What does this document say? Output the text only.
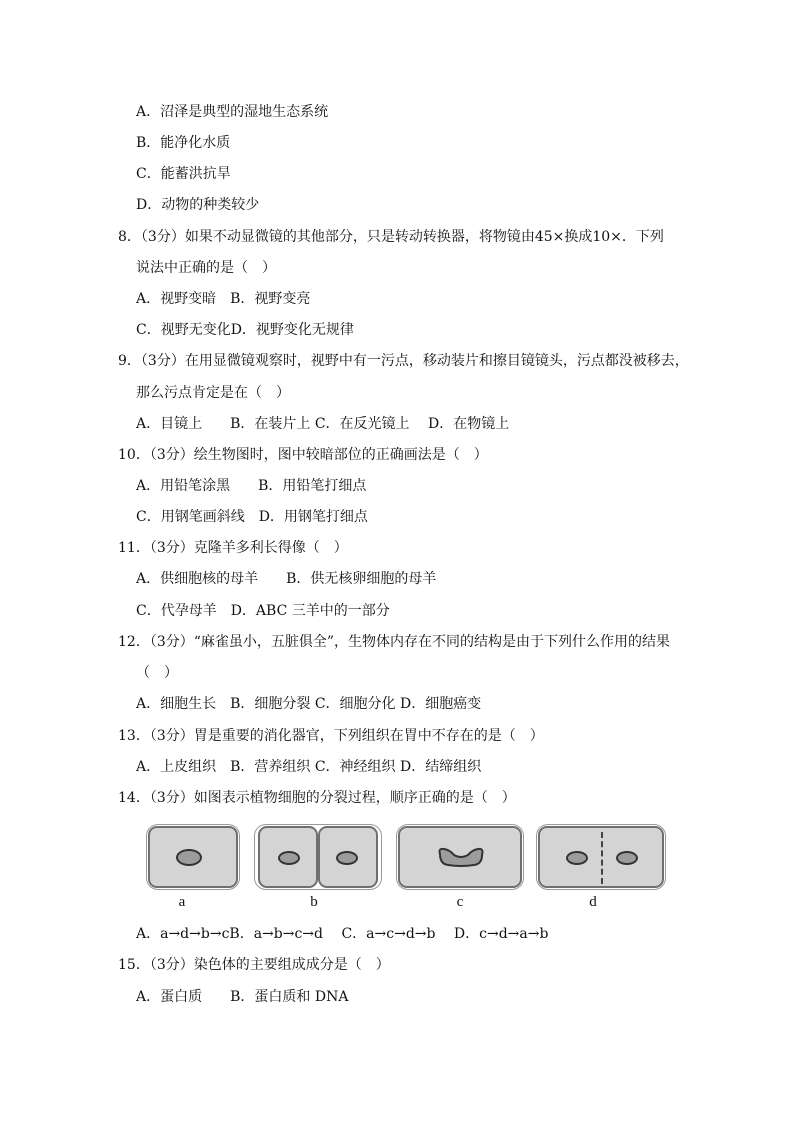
A．沼泽是典型的湿地生态系统
B．能净化水质
C．能蓄洪抗旱
D．动物的种类较少
8．（3分）如果不动显微镜的其他部分，只是转动转换器，将物镜由45×换成10×．下列
说法中正确的是（　）
A．视野变暗　B．视野变亮
C．视野无变化D．视野变化无规律
9．（3分）在用显微镜观察时，视野中有一污点，移动装片和擦目镜镜头，污点都没被移去，
那么污点肯定是在（　）
A．目镜上　　B．在装片上 C．在反光镜上　 D．在物镜上
10．（3分）绘生物图时，图中较暗部位的正确画法是（　）
A．用铅笔涂黑　　B．用铅笔打细点
C．用钢笔画斜线　D．用钢笔打细点
11．（3分）克隆羊多利长得像（　）
A．供细胞核的母羊　　B．供无核卵细胞的母羊
C．代孕母羊　D．ABC 三羊中的一部分
12．（3分）“麻雀虽小，五脏俱全”，生物体内存在不同的结构是由于下列什么作用的结果
（　）
A．细胞生长　B．细胞分裂 C．细胞分化 D．细胞癌变
13．（3分）胃是重要的消化器官，下列组织在胃中不存在的是（　）
A．上皮组织　B．营养组织 C．神经组织 D．结缔组织
14．（3分）如图表示植物细胞的分裂过程，顺序正确的是（　）
a	b	c	d
A．a→d→b→cB．a→b→c→d　 C．a→c→d→b　 D．c→d→a→b
15．（3分）染色体的主要组成成分是（　）
A．蛋白质　　B．蛋白质和 DNA
